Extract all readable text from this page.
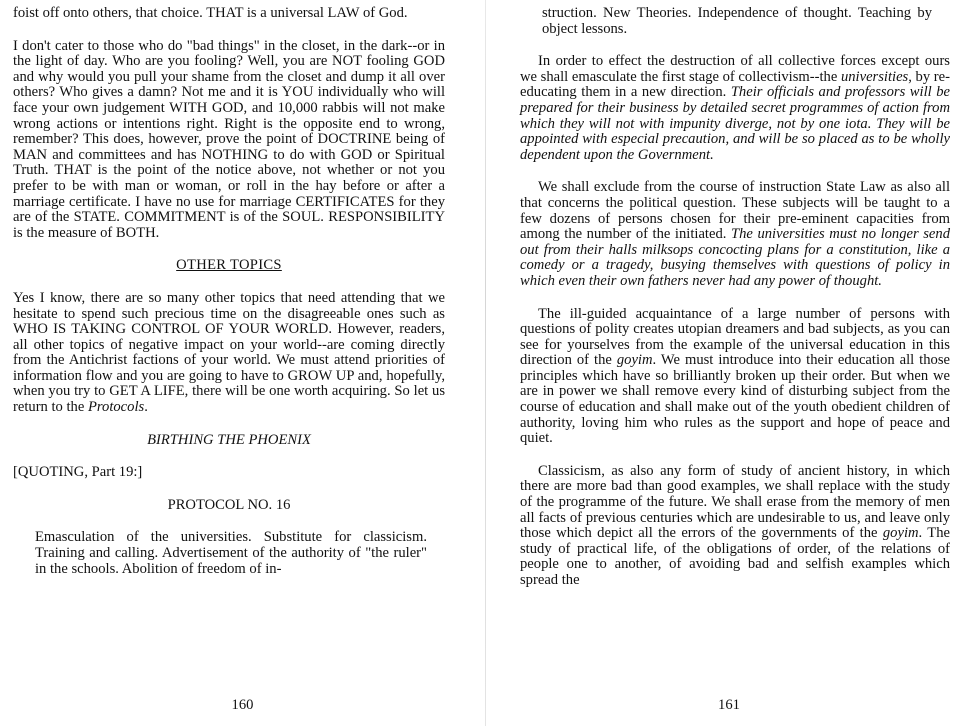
foist off onto others, that choice. THAT is a universal LAW of God.

I don't cater to those who do "bad things" in the closet, in the dark--or in the light of day. Who are you fooling? Well, you are NOT fooling GOD and why would you pull your shame from the closet and dump it all over others? Who gives a damn? Not me and it is YOU individually who will face your own judgement WITH GOD, and 10,000 rabbis will not make wrong actions or intentions right. Right is the opposite end to wrong, remember? This does, however, prove the point of DOCTRINE being of MAN and committees and has NOTHING to do with GOD or Spiritual Truth. THAT is the point of the notice above, not whether or not you prefer to be with man or woman, or roll in the hay before or after a marriage certificate. I have no use for marriage CERTIFICATES for they are of the STATE. COMMITMENT is of the SOUL. RESPONSIBILITY is the measure of BOTH.

OTHER TOPICS

Yes I know, there are so many other topics that need attending that we hesitate to spend such precious time on the disagreeable ones such as WHO IS TAKING CONTROL OF YOUR WORLD. However, readers, all other topics of negative impact on your world--are coming directly from the Antichrist factions of your world. We must attend priorities of information flow and you are going to have to GROW UP and, hopefully, when you try to GET A LIFE, there will be one worth acquiring. So let us return to the Protocols.

BIRTHING THE PHOENIX

[QUOTING, Part 19:]

PROTOCOL NO. 16

Emasculation of the universities. Substitute for classicism. Training and calling. Advertisement of the authority of "the ruler" in the schools. Abolition of freedom of in-

160

struction. New Theories. Independence of thought. Teaching by object lessons.

In order to effect the destruction of all collective forces except ours we shall emasculate the first stage of collectivism--the universities, by re-educating them in a new direction. Their officials and professors will be prepared for their business by detailed secret programmes of action from which they will not with impunity diverge, not by one iota. They will be appointed with especial precaution, and will be so placed as to be wholly dependent upon the Government.

We shall exclude from the course of instruction State Law as also all that concerns the political question. These subjects will be taught to a few dozens of persons chosen for their pre-eminent capacities from among the number of the initiated. The universities must no longer send out from their halls milksops concocting plans for a constitution, like a comedy or a tragedy, busying themselves with questions of policy in which even their own fathers never had any power of thought.

The ill-guided acquaintance of a large number of persons with questions of polity creates utopian dreamers and bad subjects, as you can see for yourselves from the example of the universal education in this direction of the goyim. We must introduce into their education all those principles which have so brilliantly broken up their order. But when we are in power we shall remove every kind of disturbing subject from the course of education and shall make out of the youth obedient children of authority, loving him who rules as the support and hope of peace and quiet.

Classicism, as also any form of study of ancient history, in which there are more bad than good examples, we shall replace with the study of the programme of the future. We shall erase from the memory of men all facts of previous centuries which are undesirable to us, and leave only those which depict all the errors of the governments of the goyim. The study of practical life, of the obligations of order, of the relations of people one to another, of avoiding bad and selfish examples which spread the

161
